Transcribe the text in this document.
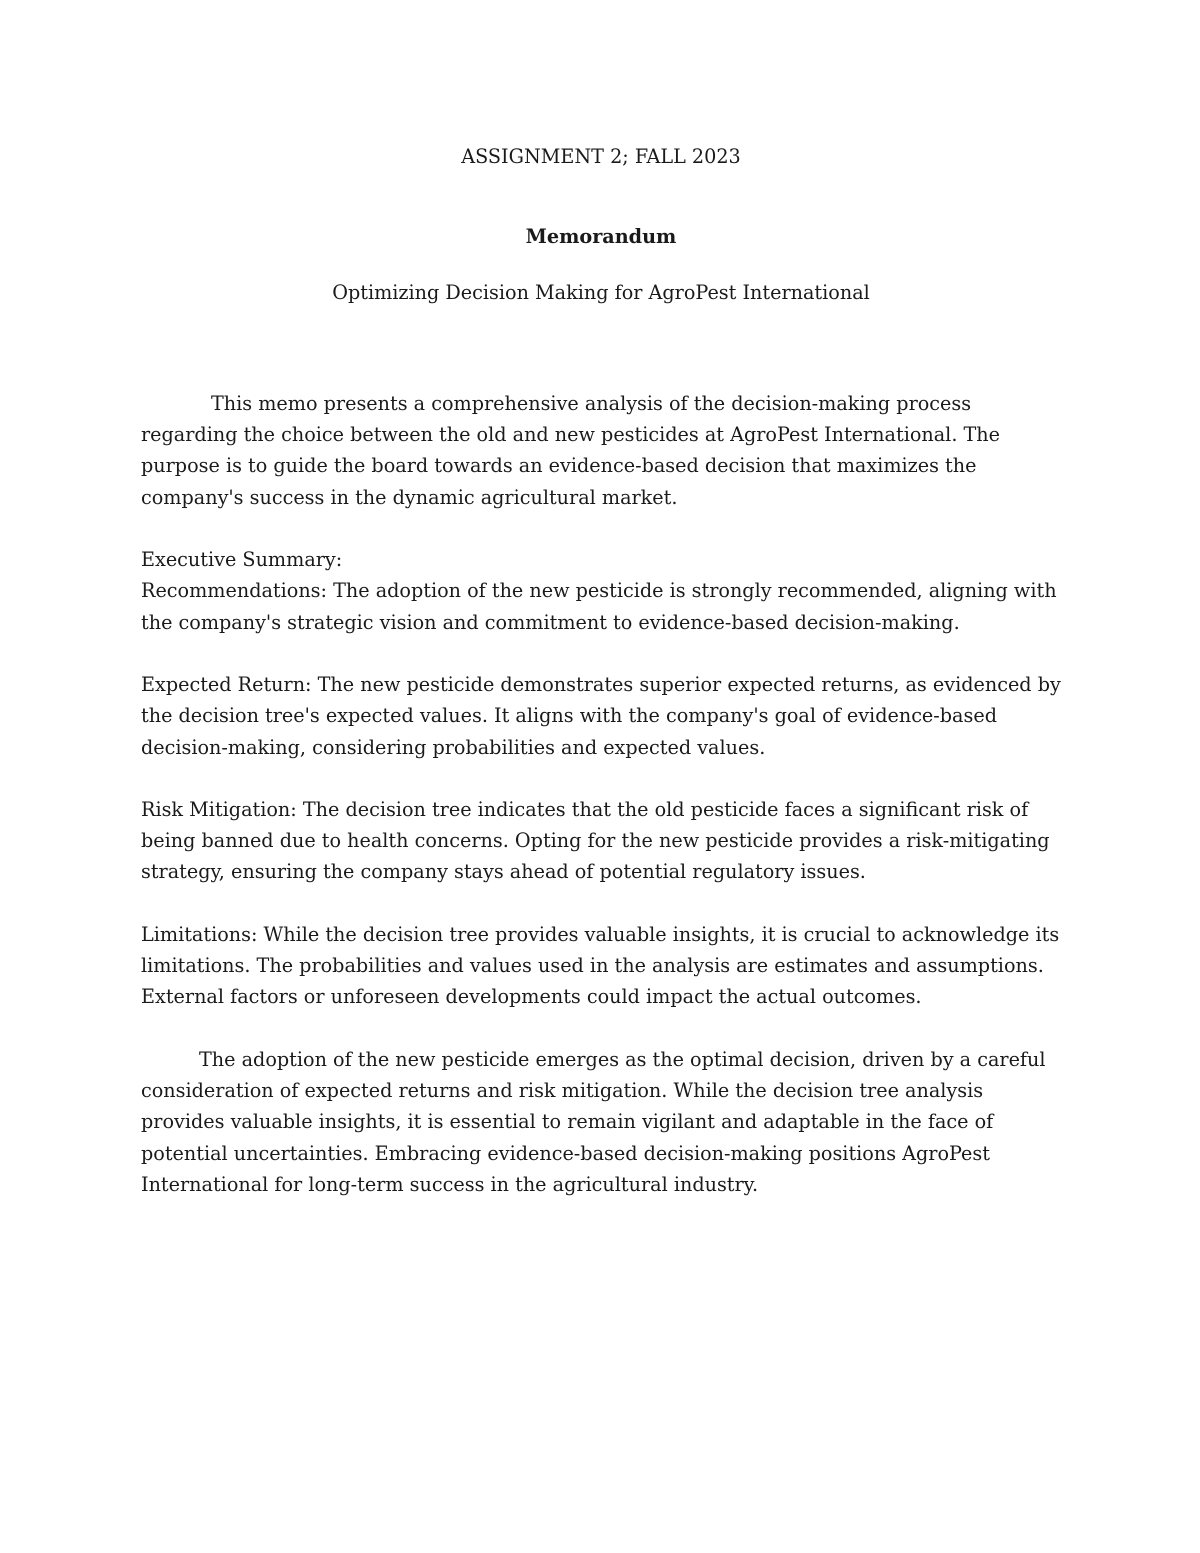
ASSIGNMENT 2; FALL 2023

Memorandum

Optimizing Decision Making for AgroPest International

This memo presents a comprehensive analysis of the decision-making process regarding the choice between the old and new pesticides at AgroPest International. The purpose is to guide the board towards an evidence-based decision that maximizes the company's success in the dynamic agricultural market.

Executive Summary:

Recommendations: The adoption of the new pesticide is strongly recommended, aligning with the company's strategic vision and commitment to evidence-based decision-making.

Expected Return: The new pesticide demonstrates superior expected returns, as evidenced by the decision tree's expected values. It aligns with the company's goal of evidence-based decision-making, considering probabilities and expected values.

Risk Mitigation: The decision tree indicates that the old pesticide faces a significant risk of being banned due to health concerns. Opting for the new pesticide provides a risk-mitigating strategy, ensuring the company stays ahead of potential regulatory issues.

Limitations: While the decision tree provides valuable insights, it is crucial to acknowledge its limitations. The probabilities and values used in the analysis are estimates and assumptions. External factors or unforeseen developments could impact the actual outcomes.

The adoption of the new pesticide emerges as the optimal decision, driven by a careful consideration of expected returns and risk mitigation. While the decision tree analysis provides valuable insights, it is essential to remain vigilant and adaptable in the face of potential uncertainties. Embracing evidence-based decision-making positions AgroPest International for long-term success in the agricultural industry.
